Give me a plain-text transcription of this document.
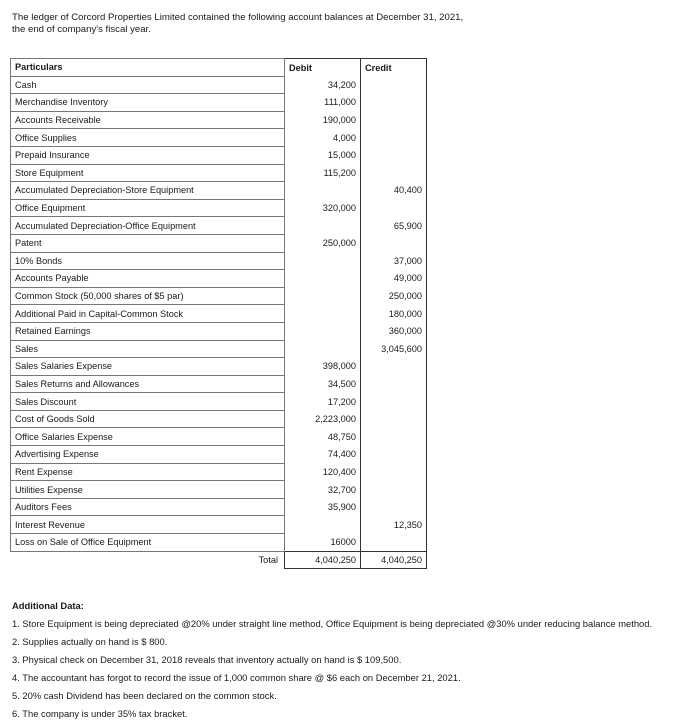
The ledger of Corcord Properties Limited contained the following account balances at December 31, 2021,
the end of company's fiscal year.
Particulars	Debit	Credit
Cash	34,200	
Merchandise Inventory	111,000	
Accounts Receivable	190,000	
Office Supplies	4,000	
Prepaid Insurance	15,000	
Store Equipment	115,200	
Accumulated Depreciation-Store Equipment		40,400
Office Equipment	320,000	
Accumulated Depreciation-Office Equipment		65,900
Patent	250,000	
10% Bonds		37,000
Accounts Payable		49,000
Common Stock (50,000 shares of $5 par)		250,000
Additional Paid in Capital-Common Stock		180,000
Retained Earnings		360,000
Sales		3,045,600
Sales Salaries Expense	398,000	
Sales Returns and Allowances	34,500	
Sales Discount	17,200	
Cost of Goods Sold	2,223,000	
Office Salaries Expense	48,750	
Advertising Expense	74,400	
Rent Expense	120,400	
Utilities Expense	32,700	
Auditors Fees	35,900	
Interest Revenue		12,350
Loss on Sale of Office Equipment	16000	
Total	4,040,250	4,040,250
Additional Data:
1. Store Equipment is being depreciated @20% under straight line method, Office Equipment is being depreciated @30% under reducing balance method.
2. Supplies actually on hand is $ 800.
3. Physical check on December 31, 2018 reveals that inventory actually on hand is $ 109,500.
4. The accountant has forgot to record the issue of 1,000 common share @ $6 each on December 21, 2021.
5. 20% cash Dividend has been declared on the common stock.
6. The company is under 35% tax bracket.
